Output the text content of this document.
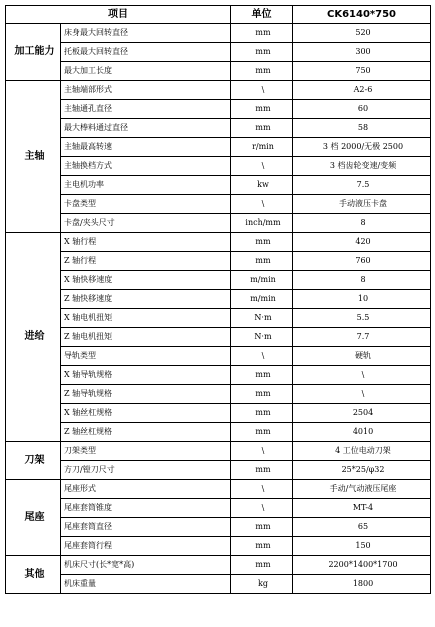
项目		单位	CK6140*750
加工能力	床身最大回转直径	mm	520
	托板最大回转直径	mm	300
	最大加工长度	mm	750
主轴	主轴端部形式	\	A2-6
	主轴通孔直径	mm	60
	最大棒料通过直径	mm	58
	主轴最高转速	r/min	3 档 2000/无极 2500
	主轴换档方式	\	3 档齿轮变速/变频
	主电机功率	kw	7.5
	卡盘类型	\	手动液压卡盘
	卡盘/夹头尺寸	inch/mm	8
进给	X 轴行程	mm	420
	Z 轴行程	mm	760
	X 轴快移速度	m/min	8
	Z 轴快移速度	m/min	10
	X 轴电机扭矩	N·m	5.5
	Z 轴电机扭矩	N·m	7.7
	导轨类型	\	硬轨
	X 轴导轨规格	mm	\
	Z 轴导轨规格	mm	\
	X 轴丝杠规格	mm	2504
	Z 轴丝杠规格	mm	4010
刀架	刀架类型	\	4 工位电动刀架
	方刀/镗刀尺寸	mm	25*25/φ32
尾座	尾座形式	\	手动/气动液压尾座
	尾座套筒锥度	\	MT-4
	尾座套筒直径	mm	65
	尾座套筒行程	mm	150
其他	机床尺寸(长*宽*高)	mm	2200*1400*1700
	机床重量	kg	1800
